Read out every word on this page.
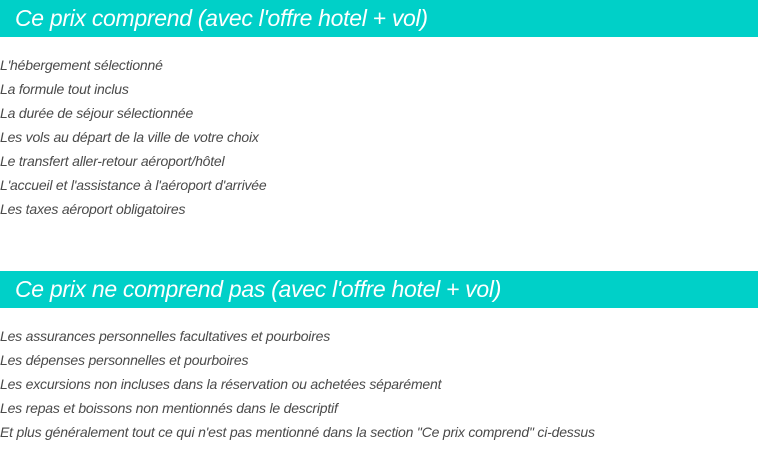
Ce prix comprend (avec l'offre hotel + vol)
L'hébergement sélectionné
La formule tout inclus
La durée de séjour sélectionnée
Les vols au départ de la ville de votre choix
Le transfert aller-retour aéroport/hôtel
L'accueil et l'assistance à l'aéroport d'arrivée
Les taxes aéroport obligatoires
Ce prix ne comprend pas (avec l'offre hotel + vol)
Les assurances personnelles facultatives et pourboires
Les dépenses personnelles et pourboires
Les excursions non incluses dans la réservation ou achetées séparément
Les repas et boissons non mentionnés dans le descriptif
Et plus généralement tout ce qui n'est pas mentionné dans la section "Ce prix comprend" ci-dessus
